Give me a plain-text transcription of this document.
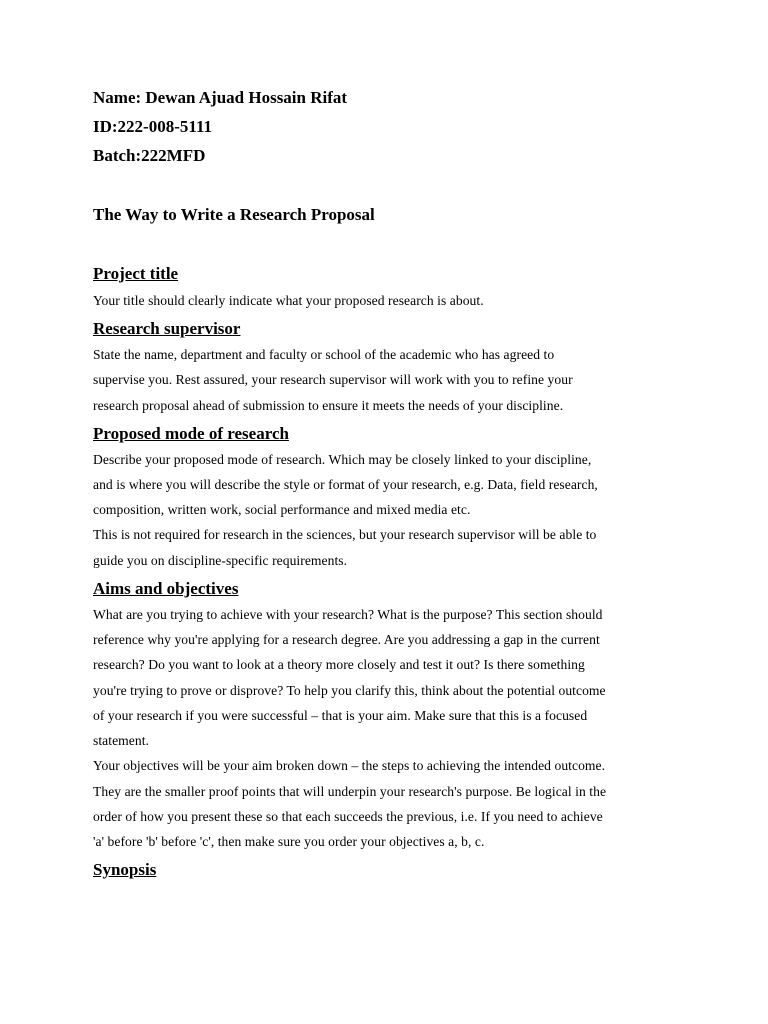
Name: Dewan Ajuad Hossain Rifat
ID:222-008-5111
Batch:222MFD
The Way to Write a Research Proposal
Project title
Your title should clearly indicate what your proposed research is about.
Research supervisor
State the name, department and faculty or school of the academic who has agreed to
supervise you. Rest assured, your research supervisor will work with you to refine your
research proposal ahead of submission to ensure it meets the needs of your discipline.
Proposed mode of research
Describe your proposed mode of research. Which may be closely linked to your discipline,
and is where you will describe the style or format of your research, e.g. Data, field research,
composition, written work, social performance and mixed media etc.
This is not required for research in the sciences, but your research supervisor will be able to
guide you on discipline-specific requirements.
Aims and objectives
What are you trying to achieve with your research? What is the purpose? This section should
reference why you're applying for a research degree. Are you addressing a gap in the current
research? Do you want to look at a theory more closely and test it out? Is there something
you're trying to prove or disprove? To help you clarify this, think about the potential outcome
of your research if you were successful – that is your aim. Make sure that this is a focused
statement.
Your objectives will be your aim broken down – the steps to achieving the intended outcome.
They are the smaller proof points that will underpin your research's purpose. Be logical in the
order of how you present these so that each succeeds the previous, i.e. If you need to achieve
'a' before 'b' before 'c', then make sure you order your objectives a, b, c.
Synopsis
